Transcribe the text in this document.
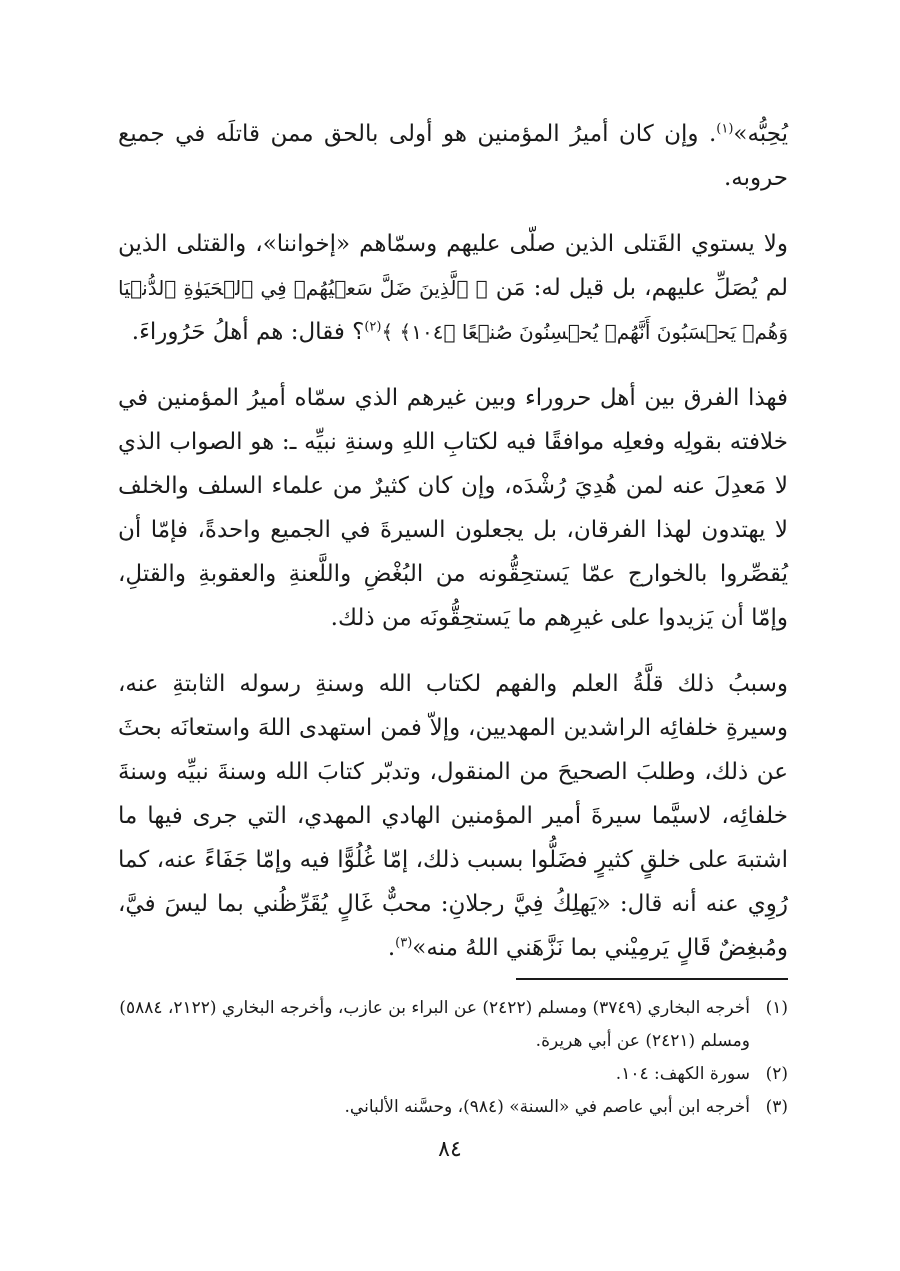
يُحِبُّه»$^{(١)}$. وإن كان أميرُ المؤمنين هو أولى بالحق ممن قاتلَه في جميع حروبه.

ولا يستوي القَتلى الذين صلّى عليهم وسمّاهم «إخواننا»، والقتلى الذين لم يُصَلِّ عليهم، بل قيل له: مَن ﴿ ٱلَّذِينَ ضَلَّ سَعۡيُهُمۡ فِي ٱلۡحَيَوٰةِ ٱلدُّنۡيَا وَهُمۡ يَحۡسَبُونَ أَنَّهُمۡ يُحۡسِنُونَ صُنۡعًا ﴿١٠٤﴾ ﴾$^{(٢)}$؟ فقال: هم أهلُ حَرُوراءَ.

فهذا الفرق بين أهل حروراء وبين غيرهم الذي سمّاه أميرُ المؤمنين في خلافته بقولِه وفعلِه موافقًا فيه لكتابِ اللهِ وسنةِ نبيِّه ـ: هو الصواب الذي لا مَعدِلَ عنه لمن هُدِيَ رُشْدَه، وإن كان كثيرٌ من علماء السلف والخلف لا يهتدون لهذا الفرقان، بل يجعلون السيرةَ في الجميع واحدةً، فإمّا أن يُقصِّروا بالخوارج عمّا يَستحِقُّونه من البُغْضِ واللَّعنةِ والعقوبةِ والقتلِ، وإمّا أن يَزيدوا على غيرِهم ما يَستحِقُّونَه من ذلك.

وسببُ ذلك قلَّةُ العلم والفهم لكتاب الله وسنةِ رسوله الثابتةِ عنه، وسيرةِ خلفائِه الراشدين المهديين، وإلاّ فمن استهدى اللهَ واستعانَه بحثَ عن ذلك، وطلبَ الصحيحَ من المنقول، وتدبّر كتابَ الله وسنةَ نبيِّه وسنةَ خلفائِه، لاسيَّما سيرةَ أمير المؤمنين الهادي المهدي، التي جرى فيها ما اشتبهَ على خلقٍ كثيرٍ فضَلُّوا بسبب ذلك، إمّا غُلُوًّا فيه وإمّا جَفَاءً عنه، كما رُوِي عنه أنه قال: «يَهلِكُ فِيَّ رجلانِ: محبٌّ غَالٍ يُقَرِّظُني بما ليسَ فيَّ، ومُبغِضٌ قَالٍ يَرمِيْني بما نَزَّهَني اللهُ منه»$^{(٣)}$.

(١)
أخرجه البخاري (٣٧٤٩) ومسلم (٢٤٢٢) عن البراء بن عازب، وأخرجه البخاري (٢١٢٢، ٥٨٨٤) ومسلم (٢٤٢١) عن أبي هريرة.

(٢)
سورة الكهف: ١٠٤.

(٣)
أخرجه ابن أبي عاصم في «السنة» (٩٨٤)، وحسَّنه الألباني.

٨٤
